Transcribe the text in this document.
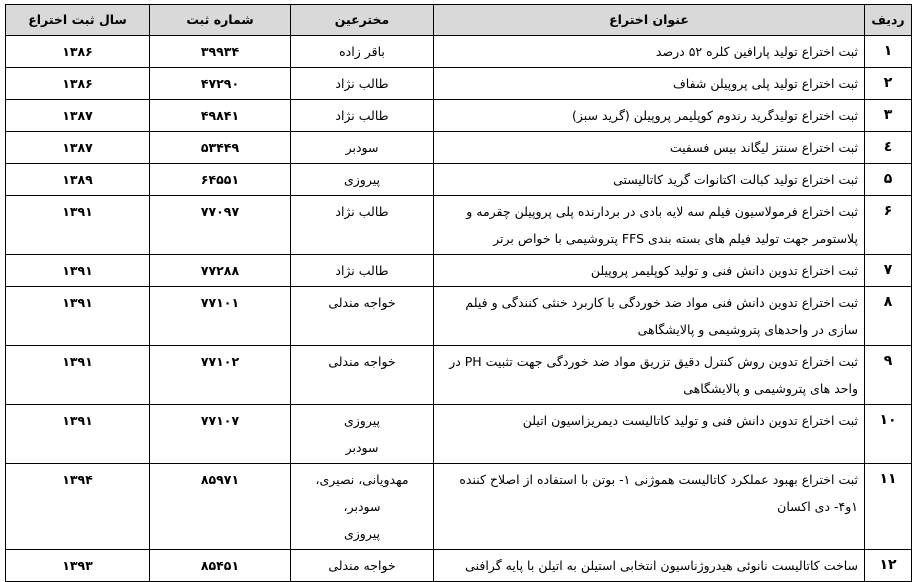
ردیف	عنوان اختراع	مخترعین	شماره ثبت	سال ثبت اختراع
۱	ثبت اختراع تولید پارافین کلره ۵۲ درصد	باقر زاده	۳۹۹۳۴	۱۳۸۶
۲	ثبت اختراع تولید پلی پروپیلن شفاف	طالب نژاد	۴۷۲۹۰	۱۳۸۶
۳	ثبت اختراع تولیدگرید رندوم کوپلیمر پروپیلن (گرید سبز)	طالب نژاد	۴۹۸۴۱	۱۳۸۷
٤	ثبت اختراع سنتز لیگاند بیس فسفیت	سودبر	۵۳۴۴۹	۱۳۸۷
۵	ثبت اختراع تولید کبالت اکتانوات گرید کاتالیستی	پیروزی	۶۴۵۵۱	۱۳۸۹
۶	ثبت اختراع فرمولاسیون فیلم سه لایه بادی در بردارنده پلی پروپیلن چقرمه و پلاستومر جهت تولید فیلم های بسته بندی FFS پتروشیمی با خواص برتر	طالب نژاد	۷۷۰۹۷	۱۳۹۱
۷	ثبت اختراع تدوین دانش فنی و تولید کوپلیمر پروپیلن	طالب نژاد	۷۷۲۸۸	۱۳۹۱
۸	ثبت اختراع تدوین دانش فنی مواد ضد خوردگی با کاربرد خنثی کنندگی و فیلم سازی در واحدهای پتروشیمی و پالایشگاهی	خواجه مندلی	۷۷۱۰۱	۱۳۹۱
۹	ثبت اختراع تدوین روش کنترل دقیق تزریق مواد ضد خوردگی جهت تثبیت PH در واحد های پتروشیمی و پالایشگاهی	خواجه مندلی	۷۷۱۰۲	۱۳۹۱
۱۰	ثبت اختراع تدوین دانش فنی و تولید کاتالیست دیمریزاسیون اتیلن	پیروزی
سودبر	۷۷۱۰۷	۱۳۹۱
۱۱	ثبت اختراع بهبود عملکرد کاتالیست هموژنی ۱- بوتن با استفاده از اصلاح کننده ۱و۴- دی اکسان	مهدویانی، نصیری،
سودبر،
پیروزی	۸۵۹۷۱	۱۳۹۴
۱۲	ساخت کاتالیست نانوئی هیدروژناسیون انتخابی استیلن به اتیلن با پایه گرافنی	خواجه مندلی	۸۵۴۵۱	۱۳۹۳
